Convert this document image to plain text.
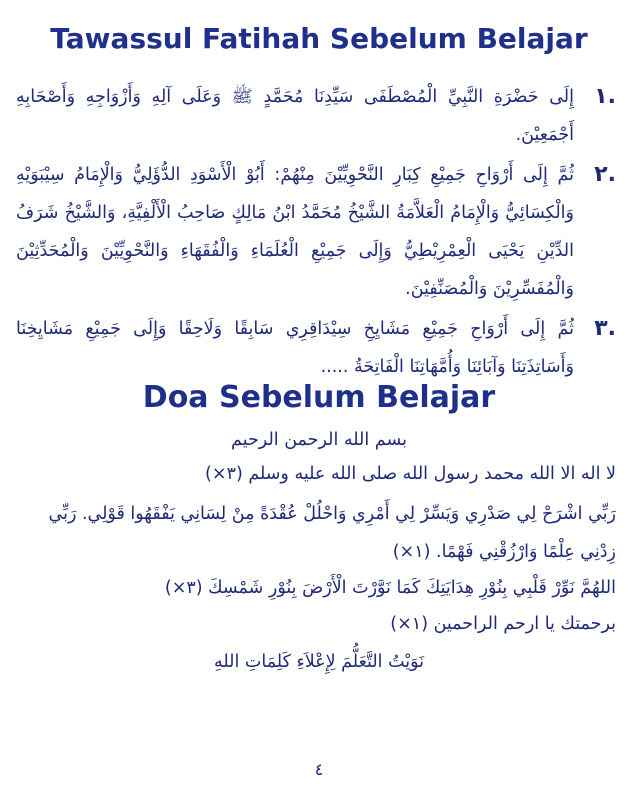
Tawassul Fatihah Sebelum Belajar
.١
إِلَى حَضْرَةِ النَّبِيِّ الْمُصْطَفَى سَيِّدِنَا مُحَمَّدٍ ﷺ وَعَلَى آلِهِ وَأَزْوَاجِهِ وَأَصْحَابِهِ أَجْمَعِيْنَ.
.٢
ثُمَّ إِلَى أَرْوَاحِ جَمِيْعِ كِبَارِ النَّحْوِيِّيْنَ مِنْهُمْ: أَبُوْ الْأَسْوَدِ الدُّؤَلِيُّ وَالْإِمَامُ سِيْبَوَيْهِ وَالْكِسَائِيُّ وَالْإِمَامُ الْعَلاَّمَةُ الشَّيْخُ مُحَمَّدُ ابْنُ مَالِكٍ صَاحِبُ الْأَلْفِيَّةِ، وَالشَّيْخُ شَرَفُ الدِّيْنِ يَحْيَى الْعِمْرِيْطِيُّ وَإِلَى جَمِيْعِ الْعُلَمَاءِ وَالْفُقَهَاءِ وَالنَّحْوِيِّيْنَ وَالْمُحَدِّثِيْنَ وَالْمُفَسِّرِيْنَ وَالْمُصَنِّفِيْنَ.
.٣
ثُمَّ إِلَى أَرْوَاحِ جَمِيْعِ مَشَايِخِ سِيْدَاقِرِي سَابِقًا وَلَاحِقًا وَإِلَى جَمِيْعِ مَشَايِخِنَا وَأَسَاتِذَتِنَا وَآبَائِنَا وَأُمَّهَاتِنَا الْفَاتِحَةُ .....
Doa Sebelum Belajar
بسم الله الرحمن الرحيم
لا اله الا الله محمد رسول الله صلى الله عليه وسلم (٣×)
رَبِّي اشْرَحْ لِي صَدْرِي وَيَسِّرْ لِي أَمْرِي وَاحْلُلْ عُقْدَةً مِنْ لِسَانِي يَفْقَهُوا قَوْلِي. رَبِّي
زِدْنِي عِلْمًا وَارْزُقْنِي فَهْمًا. (١×)
اللهُمَّ نَوِّرْ قَلْبِي بِنُوْرِ هِدَايَتِكَ كَمَا نَوَّرْتَ الْأَرْضَ بِنُوْرِ شَمْسِكَ (٣×)
برحمتك يا ارحم الراحمين (١×)
نَوَيْتُ التَّعَلُّمَ لِإِعْلاَءِ كَلِمَاتِ اللهِ
٤
